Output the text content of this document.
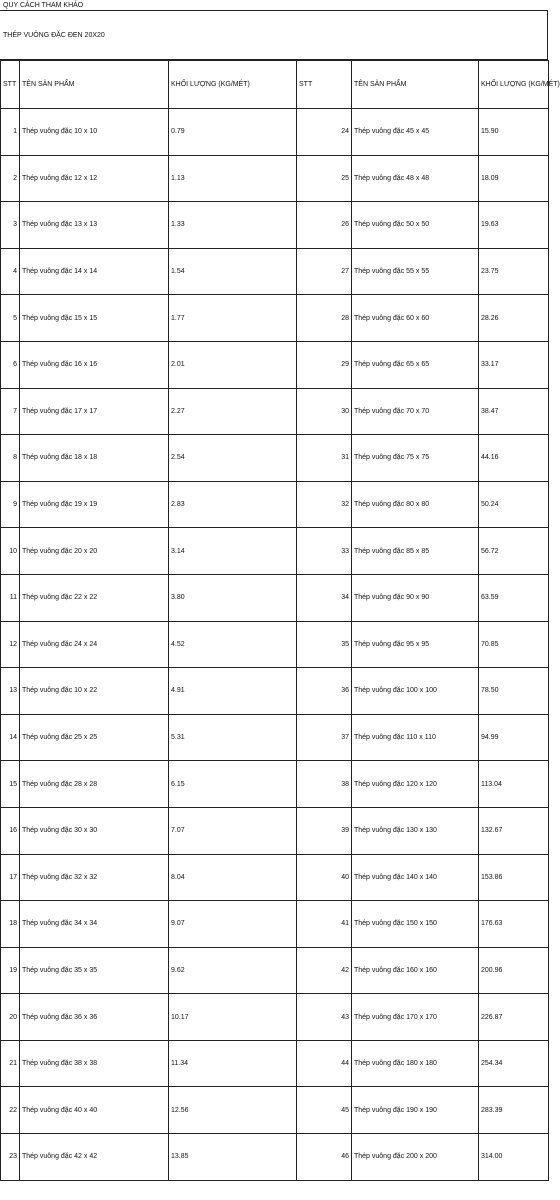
QUY CÁCH THAM KHẢO
THÉP VUÔNG ĐẶC ĐEN 20X20
STT	TÊN SẢN PHẨM	KHỐI LƯỢNG (KG/MÉT)	STT	TÊN SẢN PHẨM	KHỐI LƯỢNG (KG/MÉT)
1	Thép vuông đặc 10 x 10	0.79	24	Thép vuông đặc 45 x 45	15.90
2	Thép vuông đặc 12 x 12	1.13	25	Thép vuông đặc 48 x 48	18.09
3	Thép vuông đặc 13 x 13	1.33	26	Thép vuông đặc 50 x 50	19.63
4	Thép vuông đặc 14 x 14	1.54	27	Thép vuông đặc 55 x 55	23.75
5	Thép vuông đặc 15 x 15	1.77	28	Thép vuông đặc 60 x 60	28.26
6	Thép vuông đặc 16 x 16	2.01	29	Thép vuông đặc 65 x 65	33.17
7	Thép vuông đặc 17 x 17	2.27	30	Thép vuông đặc 70 x 70	38.47
8	Thép vuông đặc 18 x 18	2.54	31	Thép vuông đặc 75 x 75	44.16
9	Thép vuông đặc 19 x 19	2.83	32	Thép vuông đặc 80 x 80	50.24
10	Thép vuông đặc 20 x 20	3.14	33	Thép vuông đặc 85 x 85	56.72
11	Thép vuông đặc 22 x 22	3.80	34	Thép vuông đặc 90 x 90	63.59
12	Thép vuông đặc 24 x 24	4.52	35	Thép vuông đặc 95 x 95	70.85
13	Thép vuông đặc 10 x 22	4.91	36	Thép vuông đặc 100 x 100	78.50
14	Thép vuông đặc 25 x 25	5.31	37	Thép vuông đặc 110 x 110	94.99
15	Thép vuông đặc 28 x 28	6.15	38	Thép vuông đặc 120 x 120	113.04
16	Thép vuông đặc 30 x 30	7.07	39	Thép vuông đặc 130 x 130	132.67
17	Thép vuông đặc 32 x 32	8.04	40	Thép vuông đặc 140 x 140	153.86
18	Thép vuông đặc 34 x 34	9.07	41	Thép vuông đặc 150 x 150	176.63
19	Thép vuông đặc 35 x 35	9.62	42	Thép vuông đặc 160 x 160	200.96
20	Thép vuông đặc 36 x 36	10.17	43	Thép vuông đặc 170 x 170	226.87
21	Thép vuông đặc 38 x 38	11.34	44	Thép vuông đặc 180 x 180	254.34
22	Thép vuông đặc 40 x 40	12.56	45	Thép vuông đặc 190 x 190	283.39
23	Thép vuông đặc 42 x 42	13.85	46	Thép vuông đặc 200 x 200	314.00
